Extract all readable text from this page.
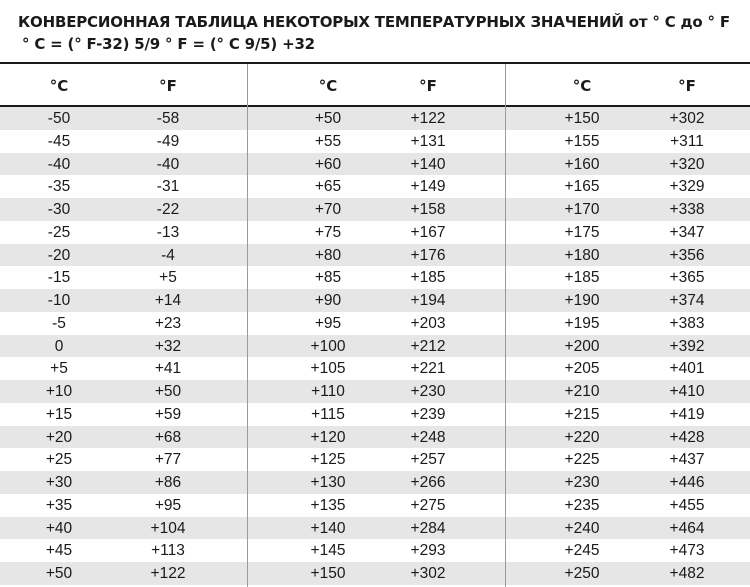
КОНВЕРСИОННАЯ ТАБЛИЦА НЕКОТОРЫХ ТЕМПЕРАТУРНЫХ ЗНАЧЕНИЙ от ° С до ° F
° С = (° F-32) 5/9 ° F = (° C 9/5) +32
°С	°F
-50	-58
-45	-49
-40	-40
-35	-31
-30	-22
-25	-13
-20	-4
-15	+5
-10	+14
-5	+23
0	+32
+5	+41
+10	+50
+15	+59
+20	+68
+25	+77
+30	+86
+35	+95
+40	+104
+45	+113
+50	+122
°С	°F
+50	+122
+55	+131
+60	+140
+65	+149
+70	+158
+75	+167
+80	+176
+85	+185
+90	+194
+95	+203
+100	+212
+105	+221
+110	+230
+115	+239
+120	+248
+125	+257
+130	+266
+135	+275
+140	+284
+145	+293
+150	+302
°С	°F
+150	+302
+155	+311
+160	+320
+165	+329
+170	+338
+175	+347
+180	+356
+185	+365
+190	+374
+195	+383
+200	+392
+205	+401
+210	+410
+215	+419
+220	+428
+225	+437
+230	+446
+235	+455
+240	+464
+245	+473
+250	+482
